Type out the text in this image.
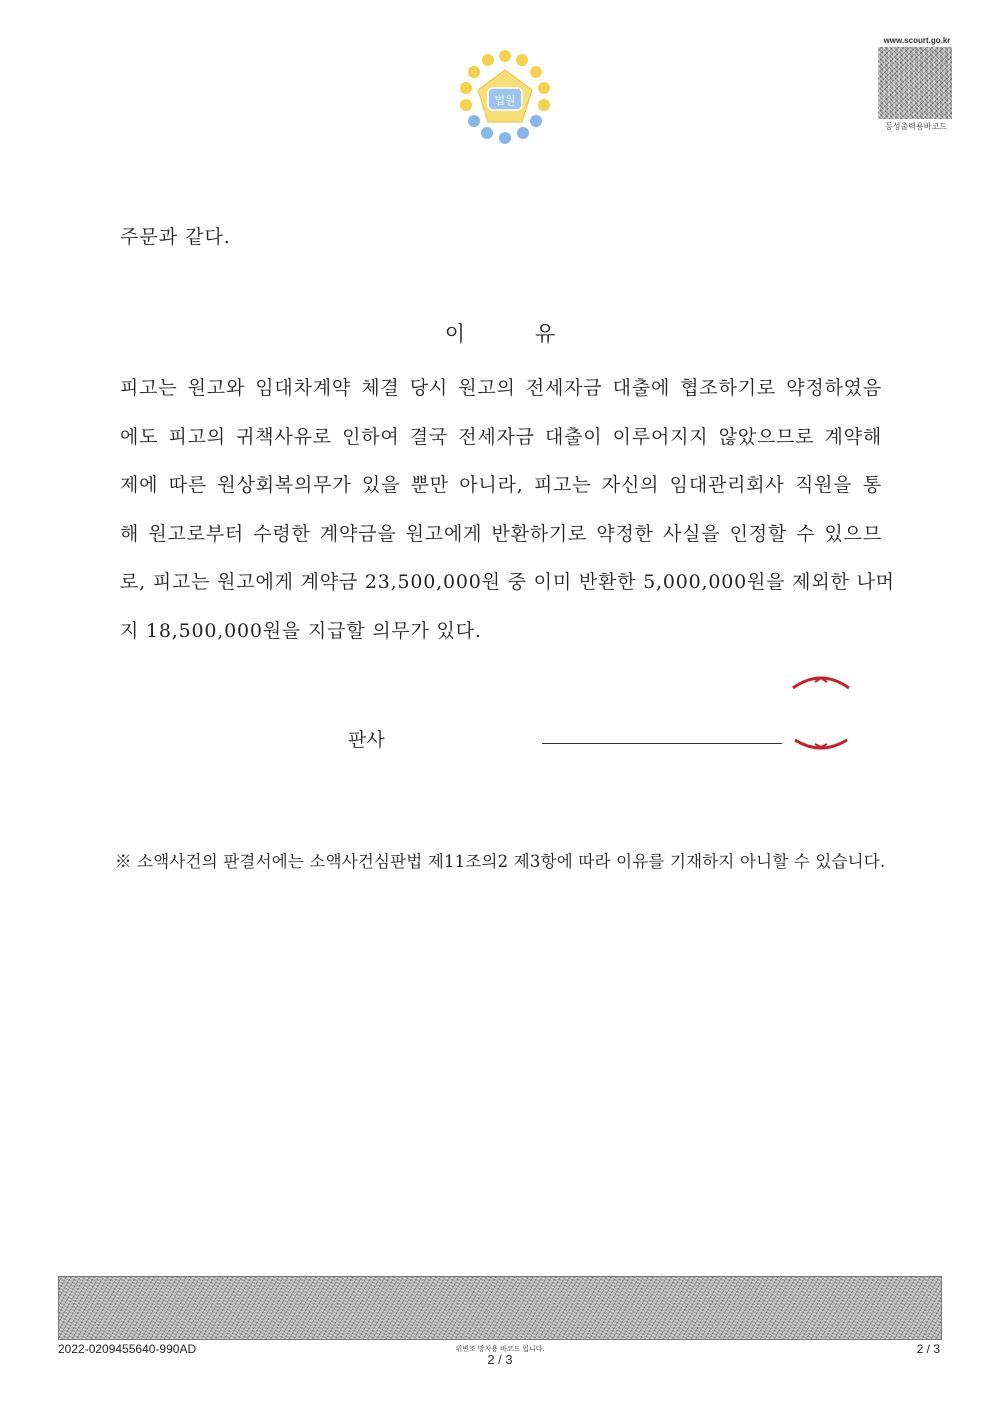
법원
www.scourt.go.kr
등성출력용바코드
주문과 같다.
이	유
피고는 원고와 임대차계약 체결 당시 원고의 전세자금 대출에 협조하기로 약정하였음
에도 피고의 귀책사유로 인하여 결국 전세자금 대출이 이루어지지 않았으므로 계약해
제에 따른 원상회복의무가 있을 뿐만 아니라, 피고는 자신의 임대관리회사 직원을 통
해 원고로부터 수령한 계약금을 원고에게 반환하기로 약정한 사실을 인정할 수 있으므
로, 피고는 원고에게 계약금 23,500,000원 중 이미 반환한 5,000,000원을 제외한 나머
지 18,500,000원을 지급할 의무가 있다.
판사
※ 소액사건의 판결서에는 소액사건심판법 제11조의2 제3항에 따라 이유를 기재하지 아니할 수 있습니다.
2022-0209455640-990AD	위변조 방지용 바코드 입니다.
2 / 3
2 / 3
